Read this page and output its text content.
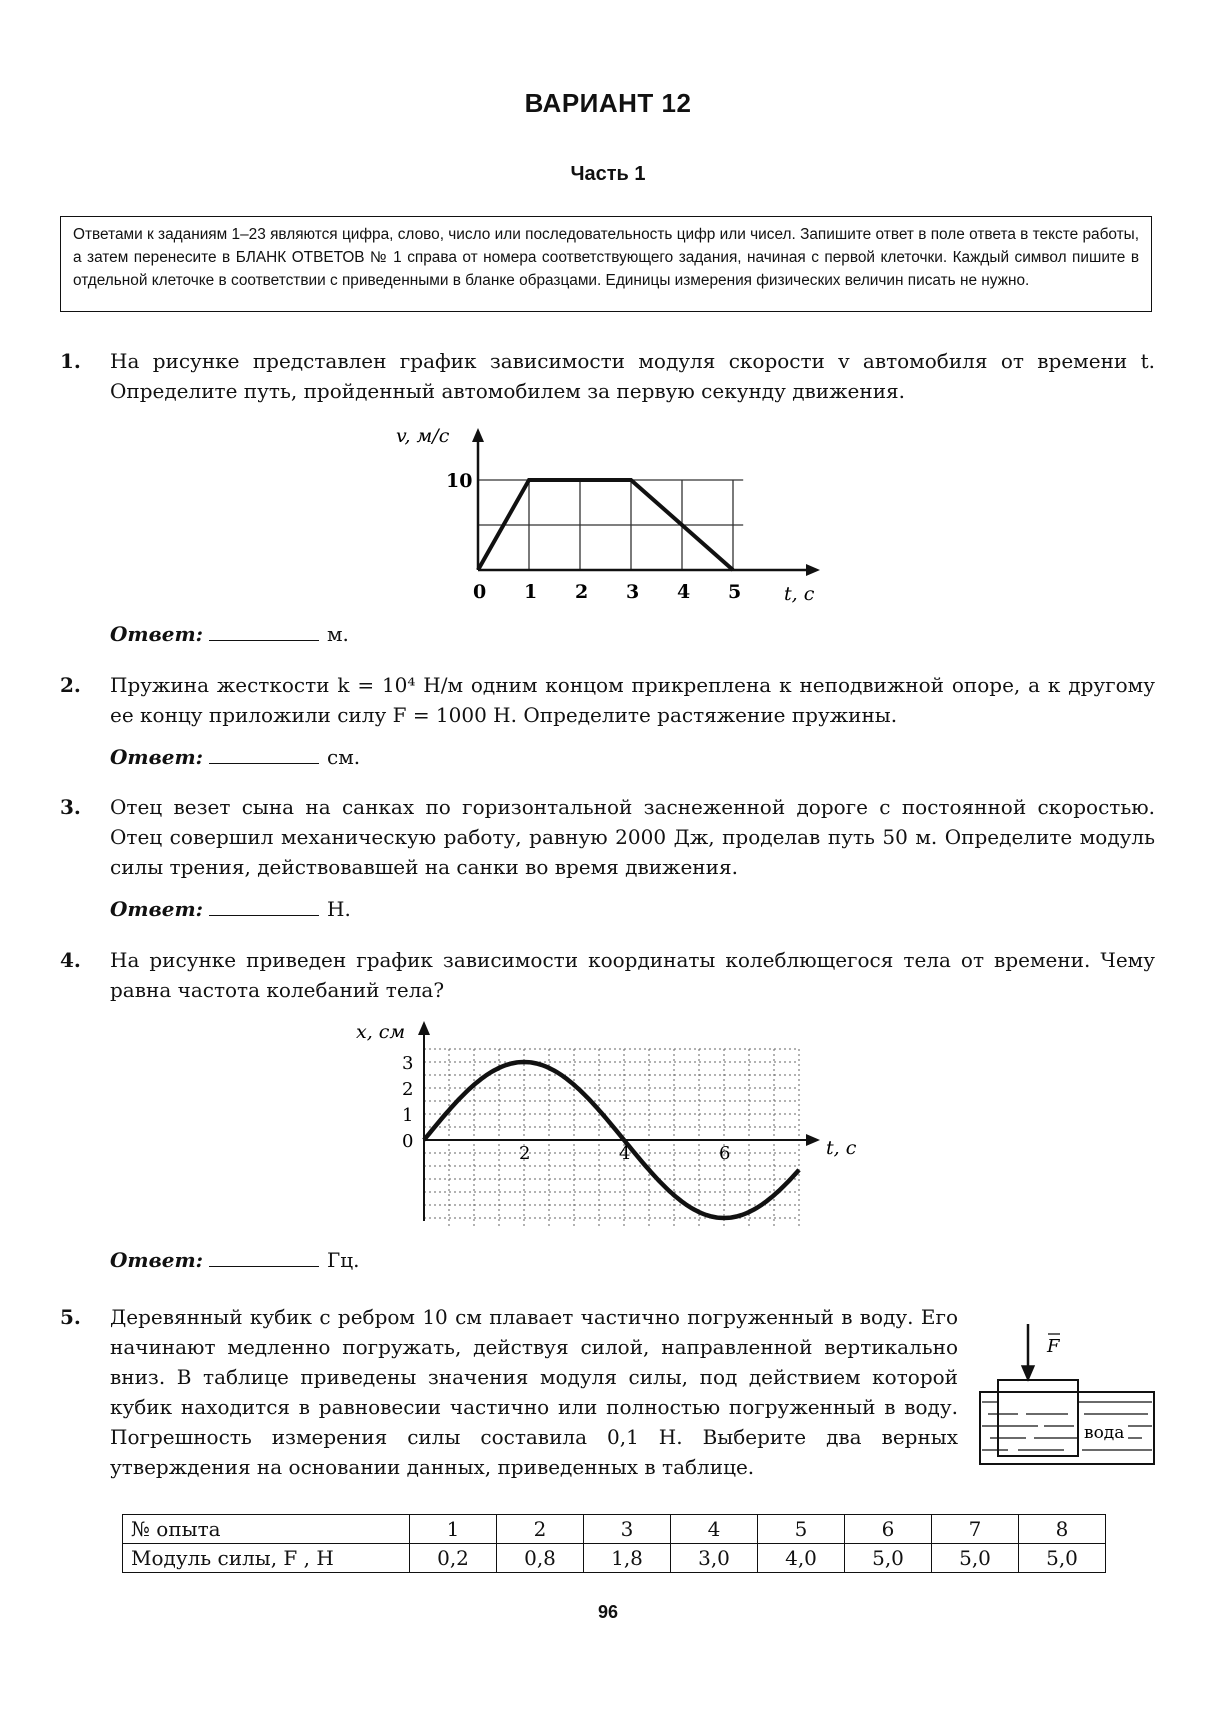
ВАРИАНТ 12
Часть 1
Ответами к заданиям 1–23 являются цифра, слово, число или последовательность цифр или чисел. Запишите ответ в поле ответа в тексте работы, а затем перенесите в БЛАНК ОТВЕТОВ № 1 справа от номера соответствующего задания, начиная с первой клеточки. Каждый символ пишите в отдельной клеточке в соответствии с приведенными в бланке образцами. Единицы измерения физических величин писать не нужно.
1. На рисунке представлен график зависимости модуля скорости v автомобиля от времени t. Определите путь, пройденный автомобилем за первую секунду движения.
0 1 2 3 4 5
10
v, м/с
t, с
Ответ:	м.
2. Пружина жесткости k = 10⁴ Н/м одним концом прикреплена к неподвижной опоре, а к другому ее концу приложили силу F = 1000 Н. Определите растяжение пружины.
Ответ:	см.
3. Отец везет сына на санках по горизонтальной заснеженной дороге с постоянной скоростью. Отец совершил механическую работу, равную 2000 Дж, проделав путь 50 м. Определите модуль силы трения, действовавшей на санки во время движения.
Ответ:	Н.
4. На рисунке приведен график зависимости координаты колеблющегося тела от времени. Чему равна частота колебаний тела?
2	4	6
0
1
2
3
x, см
t, с
Ответ:	Гц.
5. Деревянный кубик с ребром 10 см плавает частично погруженный в воду. Его начинают медленно погружать, действуя силой, направленной вертикально вниз. В таблице приведены значения модуля силы, под действием которой кубик находится в равновесии частично или полностью погруженный в воду. Погрешность измерения силы составила 0,1 Н. Выберите два верных утверждения на основании данных, приведенных в таблице.
F
вода
№ опыта	1	2	3	4	5	6	7	8
Модуль силы, F , Н	0,2	0,8	1,8	3,0	4,0	5,0	5,0	5,0
96
